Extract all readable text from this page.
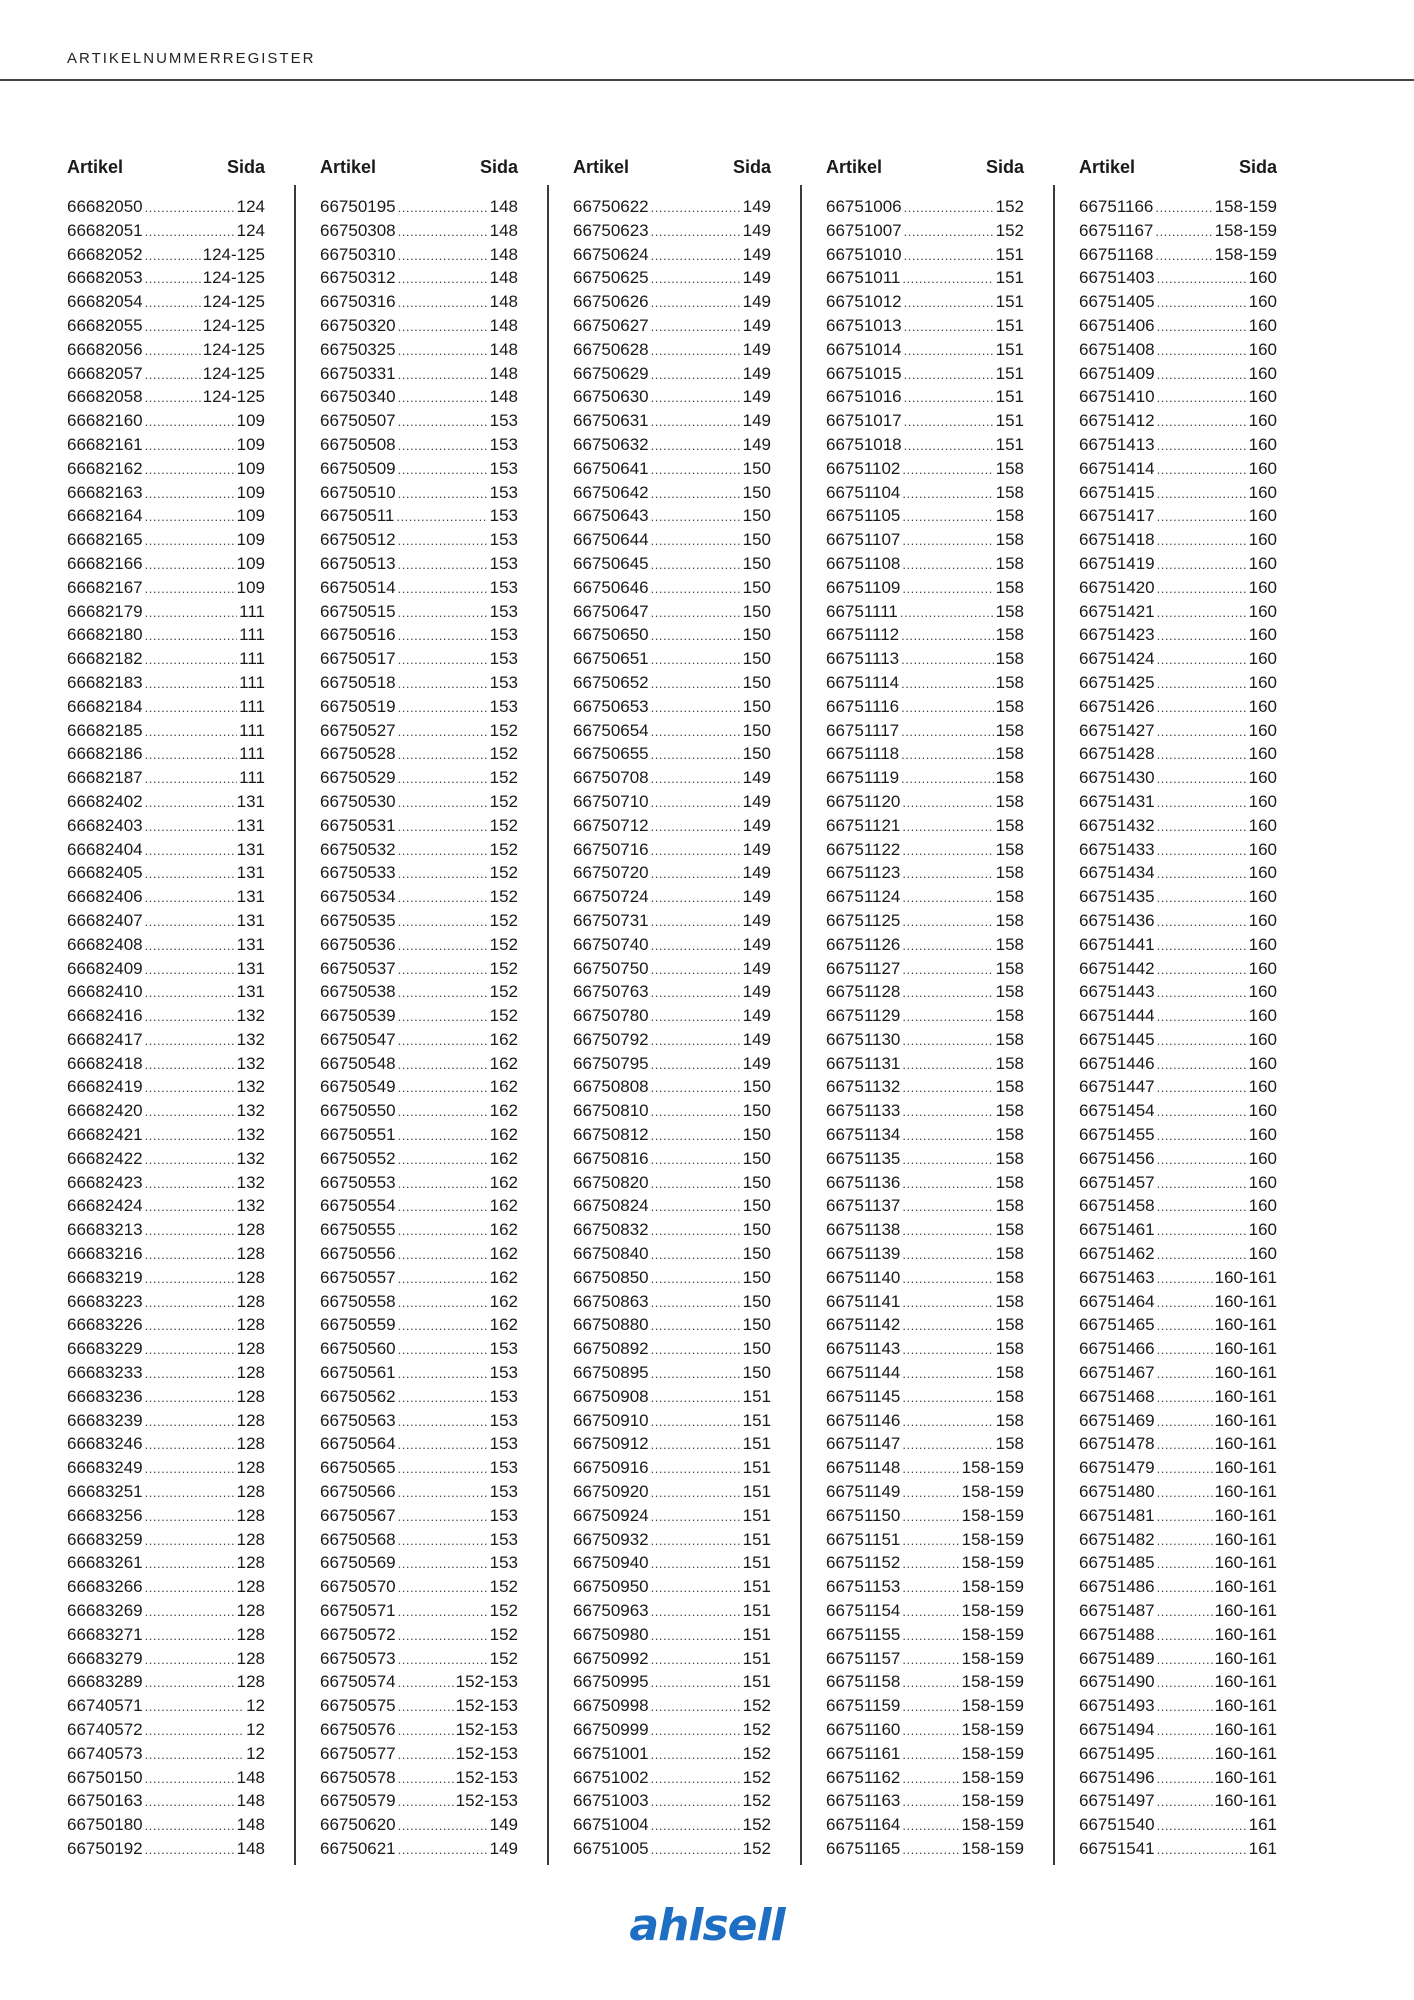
ARTIKELNUMMERREGISTER
Artikel	Sida
66682050 .....	124
66682051 .....	124
66682052 .....	124-125
66682053 .....	124-125
66682054 .....	124-125
66682055 .....	124-125
66682056 .....	124-125
66682057 .....	124-125
66682058 .....	124-125
66682160 .....	109
66682161 .....	109
66682162 .....	109
66682163 .....	109
66682164 .....	109
66682165 .....	109
66682166 .....	109
66682167 .....	109
66682179 .....	111
66682180 .....	111
66682182 .....	111
66682183 .....	111
66682184 .....	111
66682185 .....	111
66682186 .....	111
66682187 .....	111
66682402 .....	131
66682403 .....	131
66682404 .....	131
66682405 .....	131
66682406 .....	131
66682407 .....	131
66682408 .....	131
66682409 .....	131
66682410 .....	131
66682416 .....	132
66682417 .....	132
66682418 .....	132
66682419 .....	132
66682420 .....	132
66682421 .....	132
66682422 .....	132
66682423 .....	132
66682424 .....	132
66683213 .....	128
66683216 .....	128
66683219 .....	128
66683223 .....	128
66683226 .....	128
66683229 .....	128
66683233 .....	128
66683236 .....	128
66683239 .....	128
66683246 .....	128
66683249 .....	128
66683251 .....	128
66683256 .....	128
66683259 .....	128
66683261 .....	128
66683266 .....	128
66683269 .....	128
66683271 .....	128
66683279 .....	128
66683289 .....	128
66740571 .....	12
66740572 .....	12
66740573 .....	12
66750150 .....	148
66750163 .....	148
66750180 .....	148
66750192 .....	148
Artikel	Sida
66750195 .....	148
66750308 .....	148
66750310 .....	148
66750312 .....	148
66750316 .....	148
66750320 .....	148
66750325 .....	148
66750331 .....	148
66750340 .....	148
66750507 .....	153
66750508 .....	153
66750509 .....	153
66750510 .....	153
66750511 .....	153
66750512 .....	153
66750513 .....	153
66750514 .....	153
66750515 .....	153
66750516 .....	153
66750517 .....	153
66750518 .....	153
66750519 .....	153
66750527 .....	152
66750528 .....	152
66750529 .....	152
66750530 .....	152
66750531 .....	152
66750532 .....	152
66750533 .....	152
66750534 .....	152
66750535 .....	152
66750536 .....	152
66750537 .....	152
66750538 .....	152
66750539 .....	152
66750547 .....	162
66750548 .....	162
66750549 .....	162
66750550 .....	162
66750551 .....	162
66750552 .....	162
66750553 .....	162
66750554 .....	162
66750555 .....	162
66750556 .....	162
66750557 .....	162
66750558 .....	162
66750559 .....	162
66750560 .....	153
66750561 .....	153
66750562 .....	153
66750563 .....	153
66750564 .....	153
66750565 .....	153
66750566 .....	153
66750567 .....	153
66750568 .....	153
66750569 .....	153
66750570 .....	152
66750571 .....	152
66750572 .....	152
66750573 .....	152
66750574 .....	152-153
66750575 .....	152-153
66750576 .....	152-153
66750577 .....	152-153
66750578 .....	152-153
66750579 .....	152-153
66750620 .....	149
66750621 .....	149
Artikel	Sida
66750622 .....	149
66750623 .....	149
66750624 .....	149
66750625 .....	149
66750626 .....	149
66750627 .....	149
66750628 .....	149
66750629 .....	149
66750630 .....	149
66750631 .....	149
66750632 .....	149
66750641 .....	150
66750642 .....	150
66750643 .....	150
66750644 .....	150
66750645 .....	150
66750646 .....	150
66750647 .....	150
66750650 .....	150
66750651 .....	150
66750652 .....	150
66750653 .....	150
66750654 .....	150
66750655 .....	150
66750708 .....	149
66750710 .....	149
66750712 .....	149
66750716 .....	149
66750720 .....	149
66750724 .....	149
66750731 .....	149
66750740 .....	149
66750750 .....	149
66750763 .....	149
66750780 .....	149
66750792 .....	149
66750795 .....	149
66750808 .....	150
66750810 .....	150
66750812 .....	150
66750816 .....	150
66750820 .....	150
66750824 .....	150
66750832 .....	150
66750840 .....	150
66750850 .....	150
66750863 .....	150
66750880 .....	150
66750892 .....	150
66750895 .....	150
66750908 .....	151
66750910 .....	151
66750912 .....	151
66750916 .....	151
66750920 .....	151
66750924 .....	151
66750932 .....	151
66750940 .....	151
66750950 .....	151
66750963 .....	151
66750980 .....	151
66750992 .....	151
66750995 .....	151
66750998 .....	152
66750999 .....	152
66751001 .....	152
66751002 .....	152
66751003 .....	152
66751004 .....	152
66751005 .....	152
Artikel	Sida
66751006 .....	152
66751007 .....	152
66751010 .....	151
66751011 .....	151
66751012 .....	151
66751013 .....	151
66751014 .....	151
66751015 .....	151
66751016 .....	151
66751017 .....	151
66751018 .....	151
66751102 .....	158
66751104 .....	158
66751105 .....	158
66751107 .....	158
66751108 .....	158
66751109 .....	158
66751111 .....	158
66751112 .....	158
66751113 .....	158
66751114 .....	158
66751116 .....	158
66751117 .....	158
66751118 .....	158
66751119 .....	158
66751120 .....	158
66751121 .....	158
66751122 .....	158
66751123 .....	158
66751124 .....	158
66751125 .....	158
66751126 .....	158
66751127 .....	158
66751128 .....	158
66751129 .....	158
66751130 .....	158
66751131 .....	158
66751132 .....	158
66751133 .....	158
66751134 .....	158
66751135 .....	158
66751136 .....	158
66751137 .....	158
66751138 .....	158
66751139 .....	158
66751140 .....	158
66751141 .....	158
66751142 .....	158
66751143 .....	158
66751144 .....	158
66751145 .....	158
66751146 .....	158
66751147 .....	158
66751148 .....	158-159
66751149 .....	158-159
66751150 .....	158-159
66751151 .....	158-159
66751152 .....	158-159
66751153 .....	158-159
66751154 .....	158-159
66751155 .....	158-159
66751157 .....	158-159
66751158 .....	158-159
66751159 .....	158-159
66751160 .....	158-159
66751161 .....	158-159
66751162 .....	158-159
66751163 .....	158-159
66751164 .....	158-159
66751165 .....	158-159
Artikel	Sida
66751166 .....	158-159
66751167 .....	158-159
66751168 .....	158-159
66751403 .....	160
66751405 .....	160
66751406 .....	160
66751408 .....	160
66751409 .....	160
66751410 .....	160
66751412 .....	160
66751413 .....	160
66751414 .....	160
66751415 .....	160
66751417 .....	160
66751418 .....	160
66751419 .....	160
66751420 .....	160
66751421 .....	160
66751423 .....	160
66751424 .....	160
66751425 .....	160
66751426 .....	160
66751427 .....	160
66751428 .....	160
66751430 .....	160
66751431 .....	160
66751432 .....	160
66751433 .....	160
66751434 .....	160
66751435 .....	160
66751436 .....	160
66751441 .....	160
66751442 .....	160
66751443 .....	160
66751444 .....	160
66751445 .....	160
66751446 .....	160
66751447 .....	160
66751454 .....	160
66751455 .....	160
66751456 .....	160
66751457 .....	160
66751458 .....	160
66751461 .....	160
66751462 .....	160
66751463 .....	160-161
66751464 .....	160-161
66751465 .....	160-161
66751466 .....	160-161
66751467 .....	160-161
66751468 .....	160-161
66751469 .....	160-161
66751478 .....	160-161
66751479 .....	160-161
66751480 .....	160-161
66751481 .....	160-161
66751482 .....	160-161
66751485 .....	160-161
66751486 .....	160-161
66751487 .....	160-161
66751488 .....	160-161
66751489 .....	160-161
66751490 .....	160-161
66751493 .....	160-161
66751494 .....	160-161
66751495 .....	160-161
66751496 .....	160-161
66751497 .....	160-161
66751540 .....	161
66751541 .....	161
ahlsell
